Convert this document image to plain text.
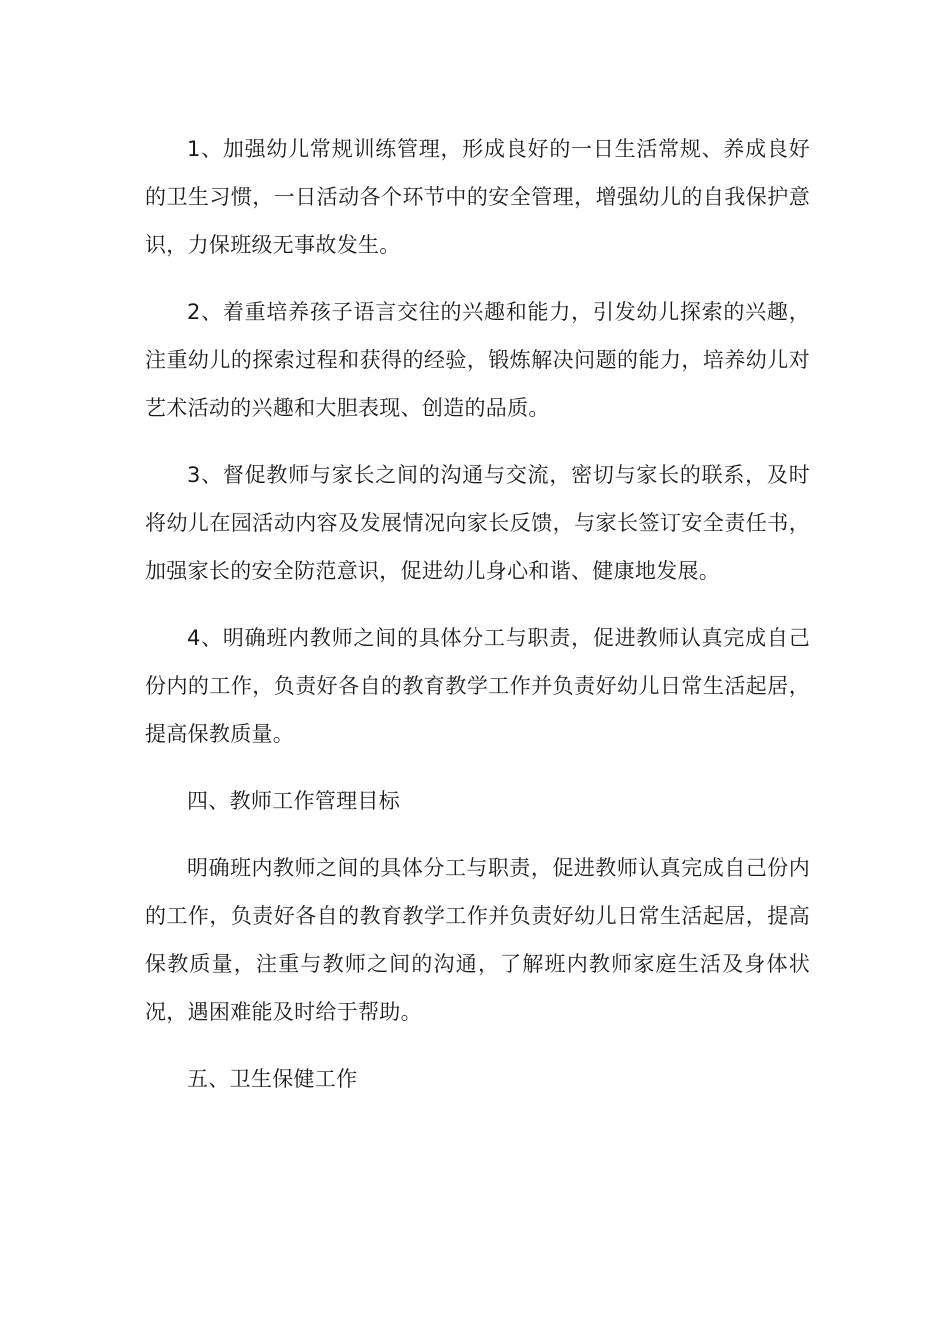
1、加强幼儿常规训练管理，形成良好的一日生活常规、养成良好的卫生习惯，一日活动各个环节中的安全管理，增强幼儿的自我保护意识，力保班级无事故发生。

2、着重培养孩子语言交往的兴趣和能力，引发幼儿探索的兴趣，注重幼儿的探索过程和获得的经验，锻炼解决问题的能力，培养幼儿对艺术活动的兴趣和大胆表现、创造的品质。

3、督促教师与家长之间的沟通与交流，密切与家长的联系，及时将幼儿在园活动内容及发展情况向家长反馈，与家长签订安全责任书，加强家长的安全防范意识，促进幼儿身心和谐、健康地发展。

4、明确班内教师之间的具体分工与职责，促进教师认真完成自己份内的工作，负责好各自的教育教学工作并负责好幼儿日常生活起居，提高保教质量。

四、教师工作管理目标

明确班内教师之间的具体分工与职责，促进教师认真完成自己份内的工作，负责好各自的教育教学工作并负责好幼儿日常生活起居，提高保教质量，注重与教师之间的沟通，了解班内教师家庭生活及身体状况，遇困难能及时给于帮助。

五、卫生保健工作
